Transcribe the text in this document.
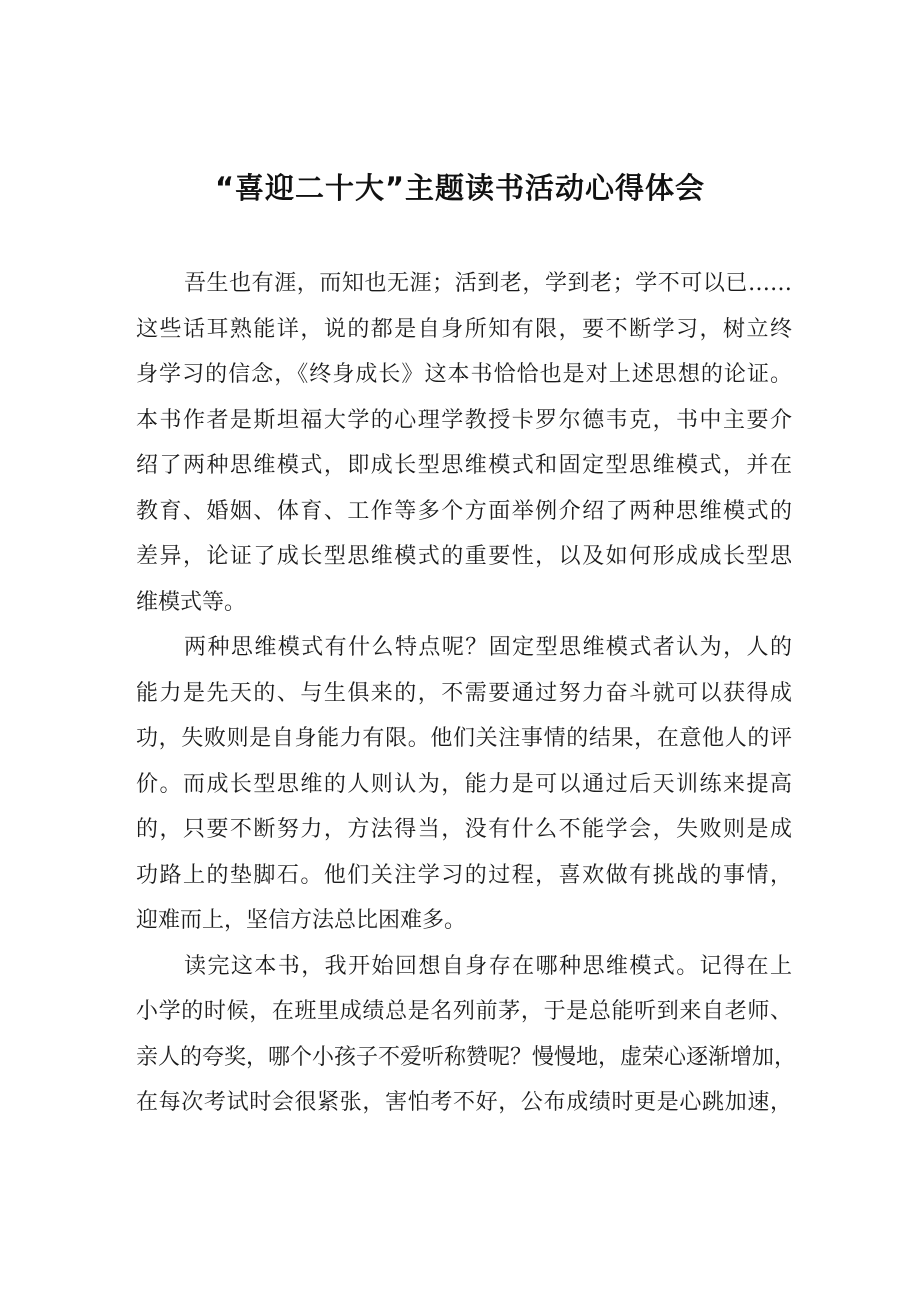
“喜迎二十大”主题读书活动心得体会

吾生也有涯，而知也无涯；活到老，学到老；学不可以已……
这些话耳熟能详，说的都是自身所知有限，要不断学习，树立终
身学习的信念，《终身成长》这本书恰恰也是对上述思想的论证。
本书作者是斯坦福大学的心理学教授卡罗尔德韦克，书中主要介
绍了两种思维模式，即成长型思维模式和固定型思维模式，并在
教育、婚姻、体育、工作等多个方面举例介绍了两种思维模式的
差异，论证了成长型思维模式的重要性，以及如何形成成长型思
维模式等。

两种思维模式有什么特点呢？固定型思维模式者认为，人的
能力是先天的、与生俱来的，不需要通过努力奋斗就可以获得成
功，失败则是自身能力有限。他们关注事情的结果，在意他人的评
价。而成长型思维的人则认为，能力是可以通过后天训练来提高
的，只要不断努力，方法得当，没有什么不能学会，失败则是成
功路上的垫脚石。他们关注学习的过程，喜欢做有挑战的事情，
迎难而上，坚信方法总比困难多。

读完这本书，我开始回想自身存在哪种思维模式。记得在上
小学的时候，在班里成绩总是名列前茅，于是总能听到来自老师、
亲人的夸奖，哪个小孩子不爱听称赞呢？慢慢地，虚荣心逐渐增加，
在每次考试时会很紧张，害怕考不好，公布成绩时更是心跳加速，
